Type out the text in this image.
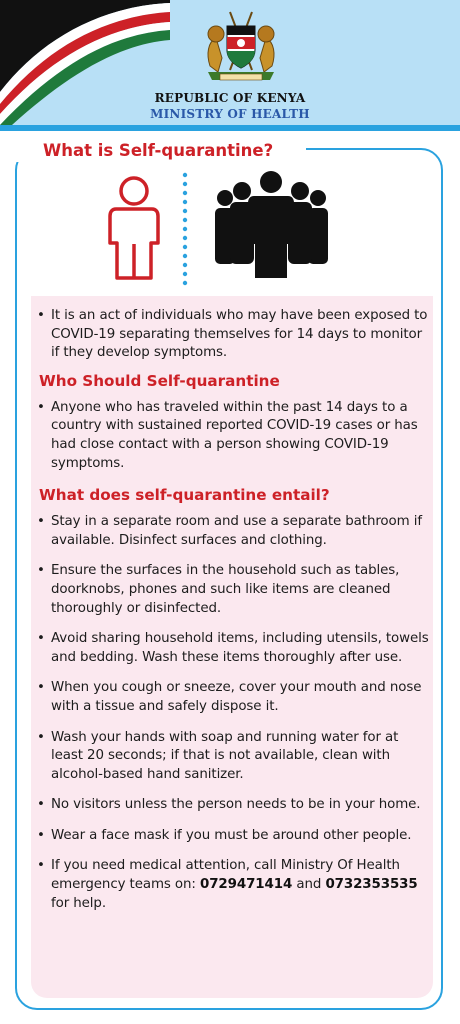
REPUBLIC OF KENYA
MINISTRY OF HEALTH
What is Self-quarantine?
• It is an act of individuals who may have been exposed to COVID-19 separating themselves for 14 days to monitor if they develop symptoms.
Who Should Self-quarantine
• Anyone who has traveled within the past 14 days to a country with sustained reported COVID-19 cases or has had close contact with a person showing COVID-19 symptoms.
What does self-quarantine entail?
• Stay in a separate room and use a separate bathroom if available. Disinfect surfaces and clothing.
• Ensure the surfaces in the household such as tables, doorknobs, phones and such like items are cleaned thoroughly or disinfected.
• Avoid sharing household items, including utensils, towels and bedding. Wash these items thoroughly after use.
• When you cough or sneeze, cover your mouth and nose with a tissue and safely dispose it.
• Wash your hands with soap and running water for at least 20 seconds; if that is not available, clean with alcohol-based hand sanitizer.
• No visitors unless the person needs to be in your home.
• Wear a face mask if you must be around other people.
• If you need medical attention, call Ministry Of Health emergency teams on: 0729471414 and 0732353535 for help.
